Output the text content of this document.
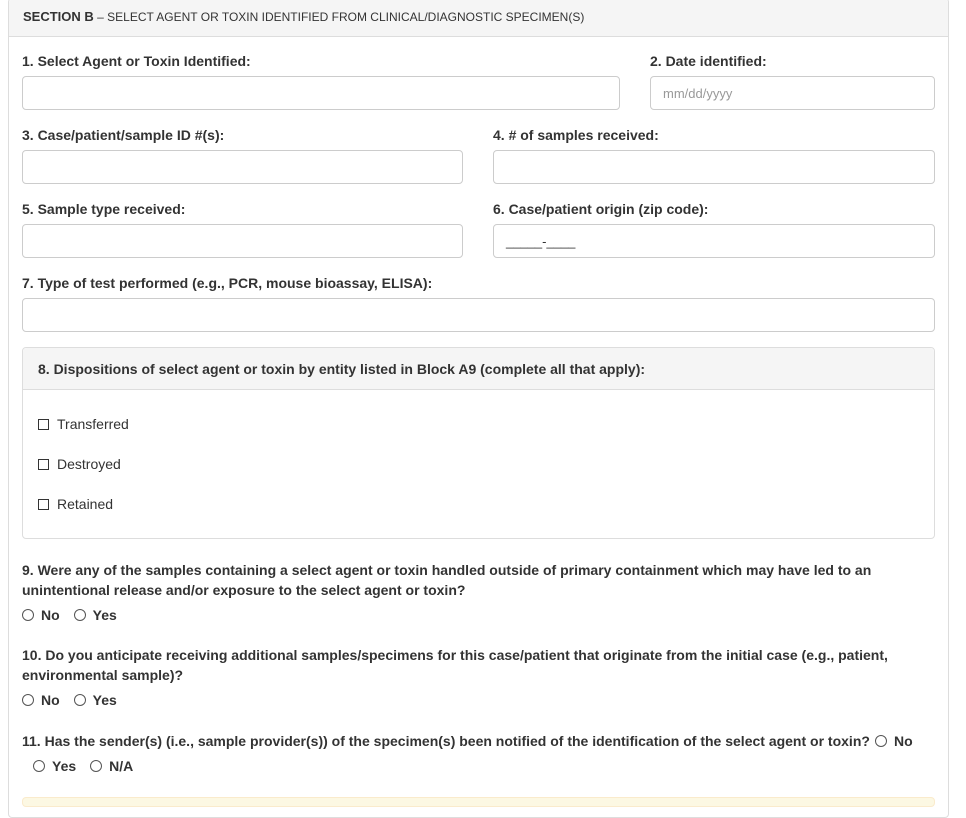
SECTION B – SELECT AGENT OR TOXIN IDENTIFIED FROM CLINICAL/DIAGNOSTIC SPECIMEN(S)
1. Select Agent or Toxin Identified:	2. Date identified:
mm/dd/yyyy
3. Case/patient/sample ID #(s):	4. # of samples received:
5. Sample type received:	6. Case/patient origin (zip code):
_____-____
7. Type of test performed (e.g., PCR, mouse bioassay, ELISA):
8. Dispositions of select agent or toxin by entity listed in Block A9 (complete all that apply):
Transferred
Destroyed
Retained
9. Were any of the samples containing a select agent or toxin handled outside of primary containment which may have led to an unintentional release and/or exposure to the select agent or toxin?
No Yes
10. Do you anticipate receiving additional samples/specimens for this case/patient that originate from the initial case (e.g., patient, environmental sample)?
No Yes
11. Has the sender(s) (i.e., sample provider(s)) of the specimen(s) been notified of the identification of the select agent or toxin?	No
Yes N/A
